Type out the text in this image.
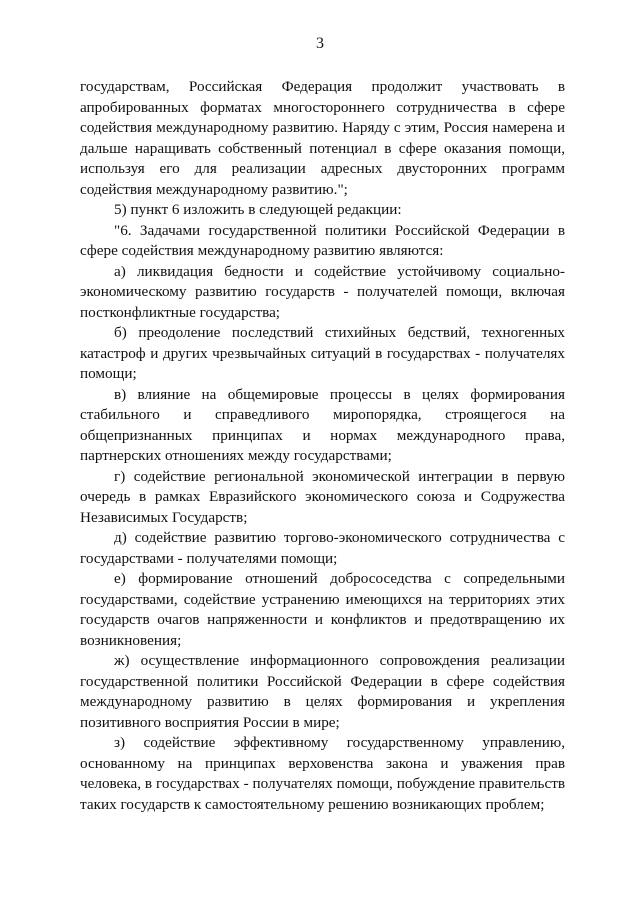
3

государствам, Российская Федерация продолжит участвовать в апробированных форматах многостороннего сотрудничества в сфере содействия международному развитию. Наряду с этим, Россия намерена и дальше наращивать собственный потенциал в сфере оказания помощи, используя его для реализации адресных двусторонних программ содействия международному развитию.";

5) пункт 6 изложить в следующей редакции:

"6. Задачами государственной политики Российской Федерации в сфере содействия международному развитию являются:

а) ликвидация бедности и содействие устойчивому социально-экономическому развитию государств - получателей помощи, включая постконфликтные государства;

б) преодоление последствий стихийных бедствий, техногенных катастроф и других чрезвычайных ситуаций в государствах - получателях помощи;

в) влияние на общемировые процессы в целях формирования стабильного и справедливого миропорядка, строящегося на общепризнанных принципах и нормах международного права, партнерских отношениях между государствами;

г) содействие региональной экономической интеграции в первую очередь в рамках Евразийского экономического союза и Содружества Независимых Государств;

д) содействие развитию торгово-экономического сотрудничества с государствами - получателями помощи;

е) формирование отношений добрососедства с сопредельными государствами, содействие устранению имеющихся на территориях этих государств очагов напряженности и конфликтов и предотвращению их возникновения;

ж) осуществление информационного сопровождения реализации государственной политики Российской Федерации в сфере содействия международному развитию в целях формирования и укрепления позитивного восприятия России в мире;

з) содействие эффективному государственному управлению, основанному на принципах верховенства закона и уважения прав человека, в государствах - получателях помощи, побуждение правительств таких государств к самостоятельному решению возникающих проблем;
